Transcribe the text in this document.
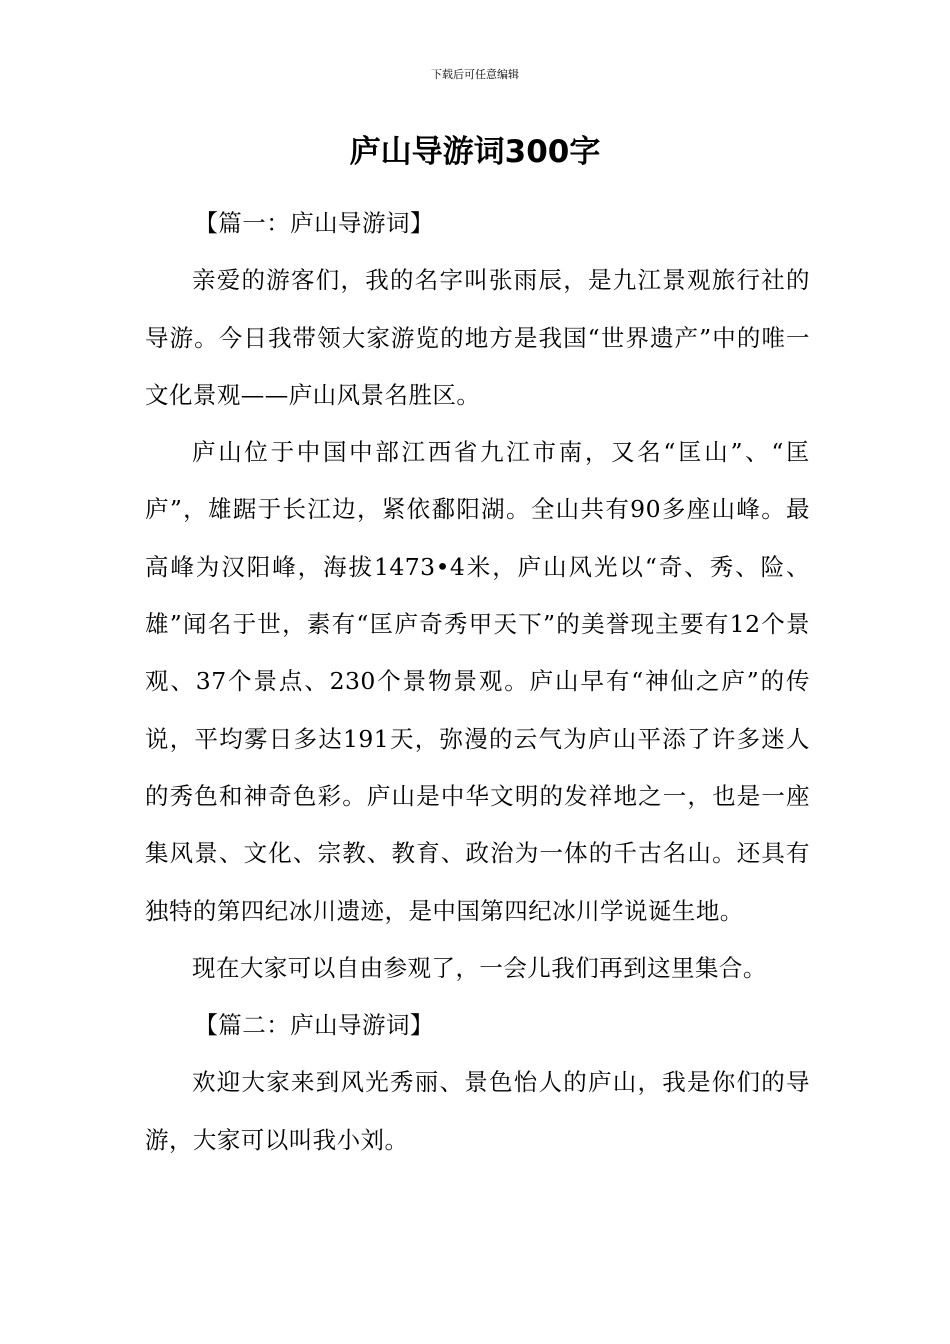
下载后可任意编辑
庐山导游词300字
【篇一：庐山导游词】

亲爱的游客们，我的名字叫张雨辰，是九江景观旅行社的导游。今日我带领大家游览的地方是我国“世界遗产”中的唯一文化景观——庐山风景名胜区。

庐山位于中国中部江西省九江市南，又名“匡山”、“匡庐”，雄踞于长江边，紧依鄱阳湖。全山共有90多座山峰。最高峰为汉阳峰，海拔1473•4米，庐山风光以“奇、秀、险、雄”闻名于世，素有“匡庐奇秀甲天下”的美誉现主要有12个景观、37个景点、230个景物景观。庐山早有“神仙之庐”的传说，平均雾日多达191天，弥漫的云气为庐山平添了许多迷人的秀色和神奇色彩。庐山是中华文明的发祥地之一，也是一座集风景、文化、宗教、教育、政治为一体的千古名山。还具有独特的第四纪冰川遗迹，是中国第四纪冰川学说诞生地。

现在大家可以自由参观了，一会儿我们再到这里集合。

【篇二：庐山导游词】

欢迎大家来到风光秀丽、景色怡人的庐山，我是你们的导游，大家可以叫我小刘。
